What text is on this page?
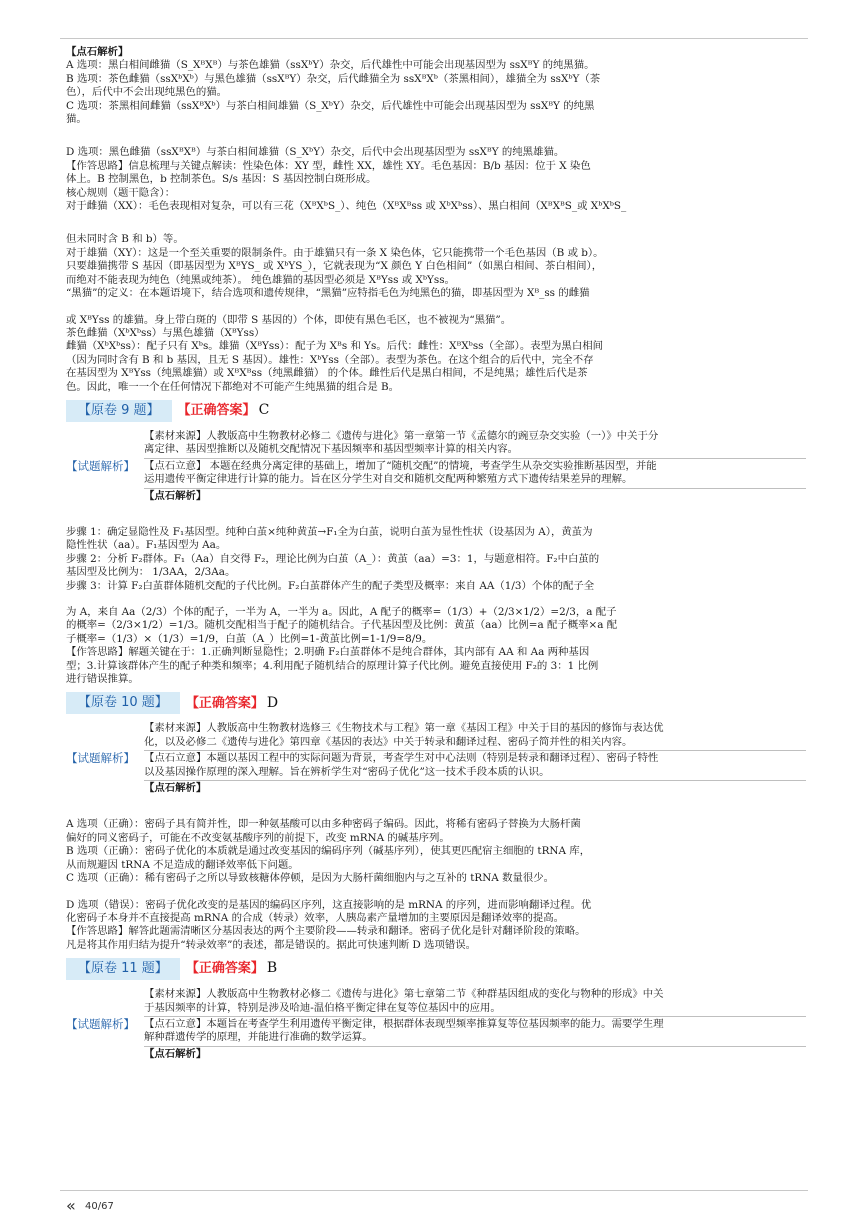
【点石解析】

A 选项：黑白相间雌猫（S_XᴮXᴮ）与茶色雄猫（ssXᵇY）杂交，后代雄性中可能会出现基因型为 ssXᴮY 的纯黑猫。

B 选项：茶色雌猫（ssXᵇXᵇ）与黑色雄猫（ssXᴮY）杂交，后代雌猫全为 ssXᴮXᵇ（茶黑相间），雄猫全为 ssXᵇY（茶

色），后代中不会出现纯黑色的猫。

C 选项：茶黑相间雌猫（ssXᴮXᵇ）与茶白相间雄猫（S_XᵇY）杂交，后代雄性中可能会出现基因型为 ssXᴮY 的纯黑

猫。

D 选项：黑色雌猫（ssXᴮXᴮ）与茶白相间雄猫（S_XᵇY）杂交，后代中会出现基因型为 ssXᴮY 的纯黑雄猫。

【作答思路】信息梳理与关键点解读：性染色体：XY 型，雌性 XX，雄性 XY。毛色基因：B/b 基因：位于 X 染色

体上。B 控制黑色，b 控制茶色。S/s 基因：S 基因控制白斑形成。

核心规则（题干隐含）：

对于雌猫（XX）：毛色表现相对复杂，可以有三花（XᴮXᵇS_）、纯色（XᴮXᴮss 或 XᵇXᵇss）、黑白相间（XᴮXᴮS_或 XᵇXᵇS_

但未同时含 B 和 b）等。

对于雄猫（XY）：这是一个至关重要的限制条件。由于雄猫只有一条 X 染色体，它只能携带一个毛色基因（B 或 b）。

只要雄猫携带 S 基因（即基因型为 XᴮYS_ 或 XᵇYS_），它就表现为“X 颜色 Y 白色相间”（如黑白相间、茶白相间），

而绝对不能表现为纯色（纯黑或纯茶）。 纯色雄猫的基因型必须是 XᴮYss 或 XᵇYss。

“黑猫”的定义：在本题语境下，结合选项和遗传规律，“黑猫”应特指毛色为纯黑色的猫，即基因型为 Xᴮ_ss 的雌猫

或 XᴮYss 的雄猫。身上带白斑的（即带 S 基因的）个体，即使有黑色毛区，也不被视为“黑猫”。

茶色雌猫（XᵇXᵇss）与黑色雄猫（XᴮYss）

雌猫（XᵇXᵇss）：配子只有 Xᵇs。雄猫（XᴮYss）：配子为 Xᴮs 和 Ys。后代：雌性：XᴮXᵇss（全部）。表型为黑白相间

（因为同时含有 B 和 b 基因，且无 S 基因）。雄性：XᵇYss（全部）。表型为茶色。在这个组合的后代中，完全不存

在基因型为 XᴮYss（纯黑雄猫）或 XᴮXᴮss（纯黑雌猫） 的个体。雌性后代是黑白相间，不是纯黑；雄性后代是茶

色。因此，唯一一个在任何情况下都绝对不可能产生纯黑猫的组合是 B。

【原卷 9 题】	【正确答案】 C
【试题解析】

【素材来源】人教版高中生物教材必修二《遗传与进化》第一章第一节《孟德尔的豌豆杂交实验（一）》中关于分

离定律、基因型推断以及随机交配情况下基因频率和基因型频率计算的相关内容。

【点石立意】 本题在经典分离定律的基础上，增加了“随机交配”的情境，考查学生从杂交实验推断基因型，并能

运用遗传平衡定律进行计算的能力。旨在区分学生对自交和随机交配两种繁殖方式下遗传结果差异的理解。

【点石解析】

步骤 1：确定显隐性及 F₁基因型。纯种白茧×纯种黄茧→F₁全为白茧，说明白茧为显性性状（设基因为 A），黄茧为

隐性性状（aa）。F₁基因型为 Aa。

步骤 2：分析 F₂群体。F₁（Aa）自交得 F₂，理论比例为白茧（A_）：黄茧（aa）=3：1，与题意相符。F₂中白茧的

基因型及比例为： 1/3AA，2/3Aa。

步骤 3：计算 F₂白茧群体随机交配的子代比例。F₂白茧群体产生的配子类型及概率：来自 AA（1/3）个体的配子全

为 A，来自 Aa（2/3）个体的配子，一半为 A，一半为 a。因此，A 配子的概率=（1/3）+（2/3×1/2）=2/3，a 配子

的概率=（2/3×1/2）=1/3。随机交配相当于配子的随机结合。子代基因型及比例：黄茧（aa）比例=a 配子概率×a 配

子概率=（1/3）×（1/3）=1/9，白茧（A_）比例=1-黄茧比例=1-1/9=8/9。

【作答思路】解题关键在于：1.正确判断显隐性；2.明确 F₂白茧群体不是纯合群体，其内部有 AA 和 Aa 两种基因

型；3.计算该群体产生的配子种类和频率；4.利用配子随机结合的原理计算子代比例。避免直接使用 F₂的 3：1 比例

进行错误推算。

【原卷 10 题】	【正确答案】 D
【试题解析】

【素材来源】人教版高中生物教材选修三《生物技术与工程》第一章《基因工程》中关于目的基因的修饰与表达优

化，以及必修二《遗传与进化》第四章《基因的表达》中关于转录和翻译过程、密码子简并性的相关内容。

【点石立意】本题以基因工程中的实际问题为背景，考查学生对中心法则（特别是转录和翻译过程）、密码子特性

以及基因操作原理的深入理解。旨在辨析学生对“密码子优化”这一技术手段本质的认识。

【点石解析】

A 选项（正确）：密码子具有简并性，即一种氨基酸可以由多种密码子编码。因此，将稀有密码子替换为大肠杆菌

偏好的同义密码子，可能在不改变氨基酸序列的前提下，改变 mRNA 的碱基序列。

B 选项（正确）：密码子优化的本质就是通过改变基因的编码序列（碱基序列），使其更匹配宿主细胞的 tRNA 库，

从而规避因 tRNA 不足造成的翻译效率低下问题。

C 选项（正确）：稀有密码子之所以导致核糖体停顿，是因为大肠杆菌细胞内与之互补的 tRNA 数量很少。

D 选项（错误）：密码子优化改变的是基因的编码区序列，这直接影响的是 mRNA 的序列，进而影响翻译过程。优

化密码子本身并不直接提高 mRNA 的合成（转录）效率，人胰岛素产量增加的主要原因是翻译效率的提高。

【作答思路】解答此题需清晰区分基因表达的两个主要阶段——转录和翻译。密码子优化是针对翻译阶段的策略。

凡是将其作用归结为提升“转录效率”的表述，都是错误的。据此可快速判断 D 选项错误。

【原卷 11 题】	【正确答案】 B
【试题解析】

【素材来源】人教版高中生物教材必修二《遗传与进化》第七章第二节《种群基因组成的变化与物种的形成》中关

于基因频率的计算，特别是涉及哈迪-温伯格平衡定律在复等位基因中的应用。

【点石立意】本题旨在考查学生利用遗传平衡定律，根据群体表现型频率推算复等位基因频率的能力。需要学生理

解种群遗传学的原理，并能进行准确的数学运算。

【点石解析】

« 40/67
